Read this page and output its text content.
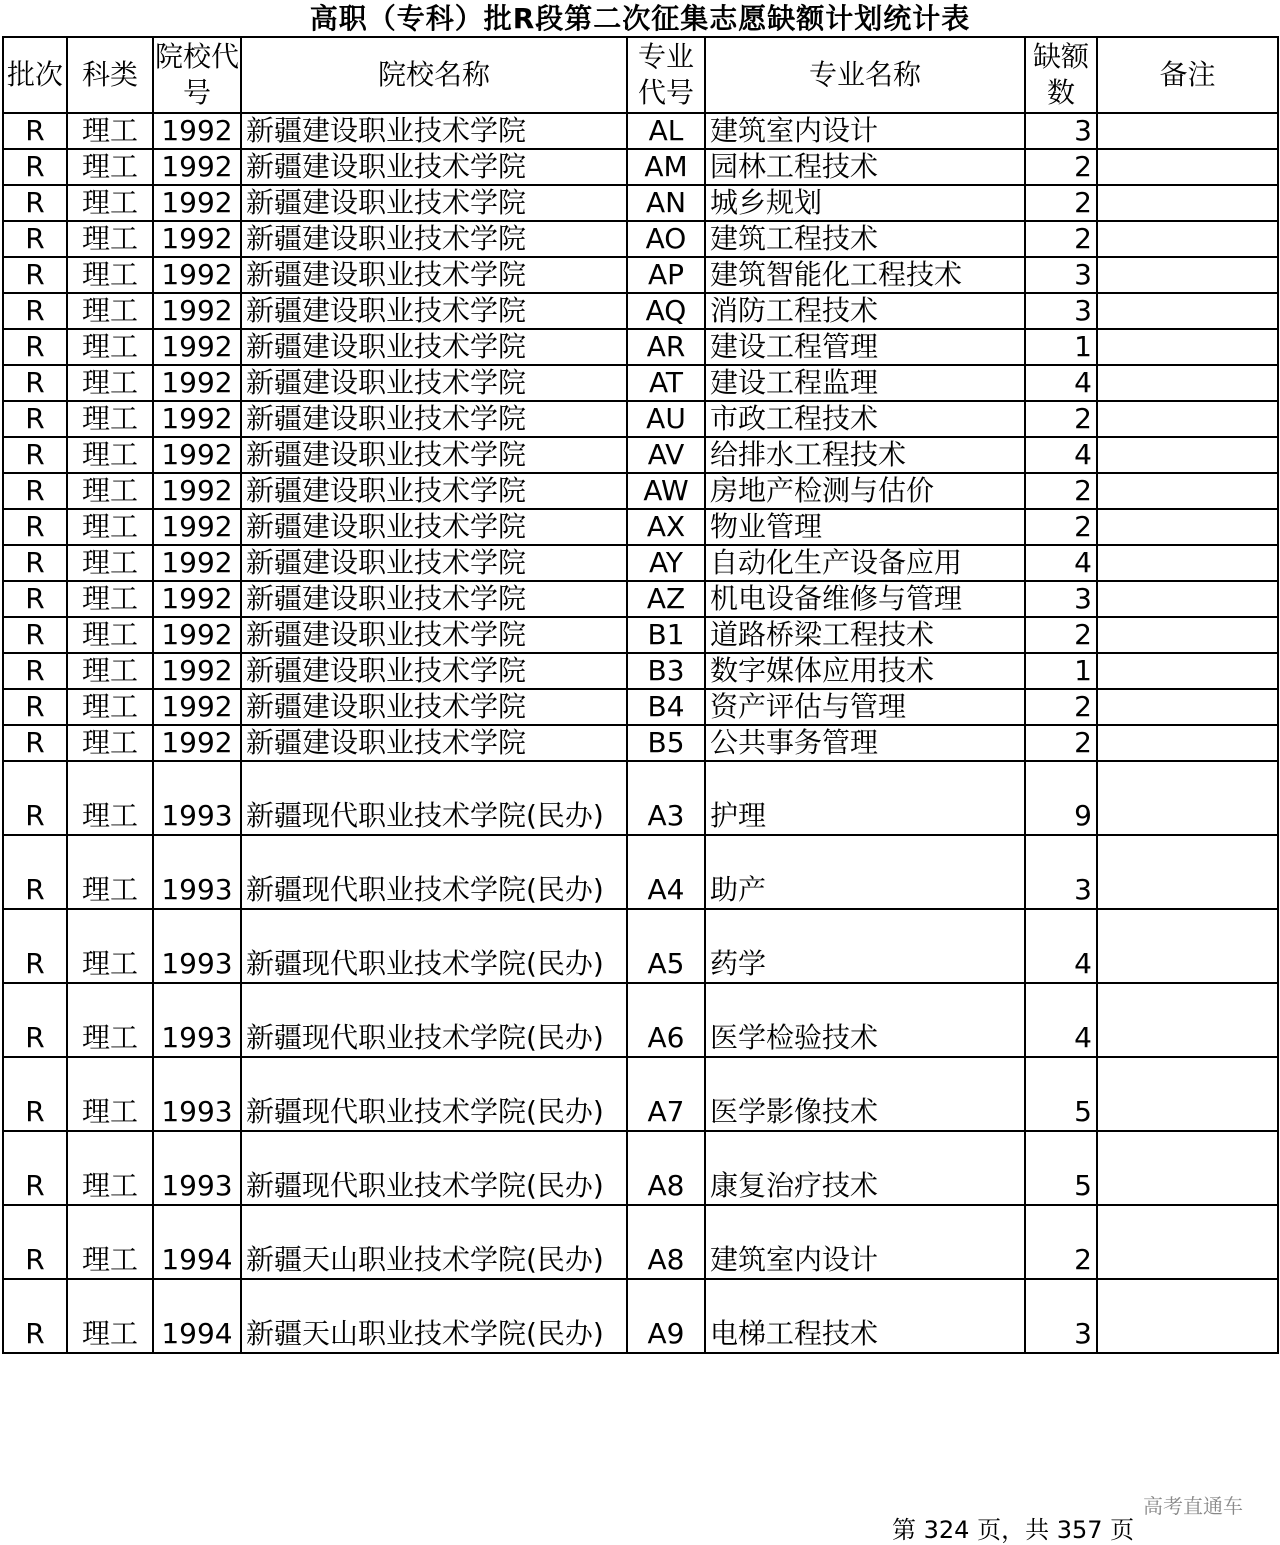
高职（专科）批R段第二次征集志愿缺额计划统计表
批次	科类	院校代号	院校名称	专业代号	专业名称	缺额数	备注
R	理工	1992	新疆建设职业技术学院	AL	建筑室内设计	3	
R	理工	1992	新疆建设职业技术学院	AM	园林工程技术	2	
R	理工	1992	新疆建设职业技术学院	AN	城乡规划	2	
R	理工	1992	新疆建设职业技术学院	AO	建筑工程技术	2	
R	理工	1992	新疆建设职业技术学院	AP	建筑智能化工程技术	3	
R	理工	1992	新疆建设职业技术学院	AQ	消防工程技术	3	
R	理工	1992	新疆建设职业技术学院	AR	建设工程管理	1	
R	理工	1992	新疆建设职业技术学院	AT	建设工程监理	4	
R	理工	1992	新疆建设职业技术学院	AU	市政工程技术	2	
R	理工	1992	新疆建设职业技术学院	AV	给排水工程技术	4	
R	理工	1992	新疆建设职业技术学院	AW	房地产检测与估价	2	
R	理工	1992	新疆建设职业技术学院	AX	物业管理	2	
R	理工	1992	新疆建设职业技术学院	AY	自动化生产设备应用	4	
R	理工	1992	新疆建设职业技术学院	AZ	机电设备维修与管理	3	
R	理工	1992	新疆建设职业技术学院	B1	道路桥梁工程技术	2	
R	理工	1992	新疆建设职业技术学院	B3	数字媒体应用技术	1	
R	理工	1992	新疆建设职业技术学院	B4	资产评估与管理	2	
R	理工	1992	新疆建设职业技术学院	B5	公共事务管理	2	
R	理工	1993	新疆现代职业技术学院(民办)	A3	护理	9	
R	理工	1993	新疆现代职业技术学院(民办)	A4	助产	3	
R	理工	1993	新疆现代职业技术学院(民办)	A5	药学	4	
R	理工	1993	新疆现代职业技术学院(民办)	A6	医学检验技术	4	
R	理工	1993	新疆现代职业技术学院(民办)	A7	医学影像技术	5	
R	理工	1993	新疆现代职业技术学院(民办)	A8	康复治疗技术	5	
R	理工	1994	新疆天山职业技术学院(民办)	A8	建筑室内设计	2	
R	理工	1994	新疆天山职业技术学院(民办)	A9	电梯工程技术	3	
高考直通车
第 324 页，共 357 页
